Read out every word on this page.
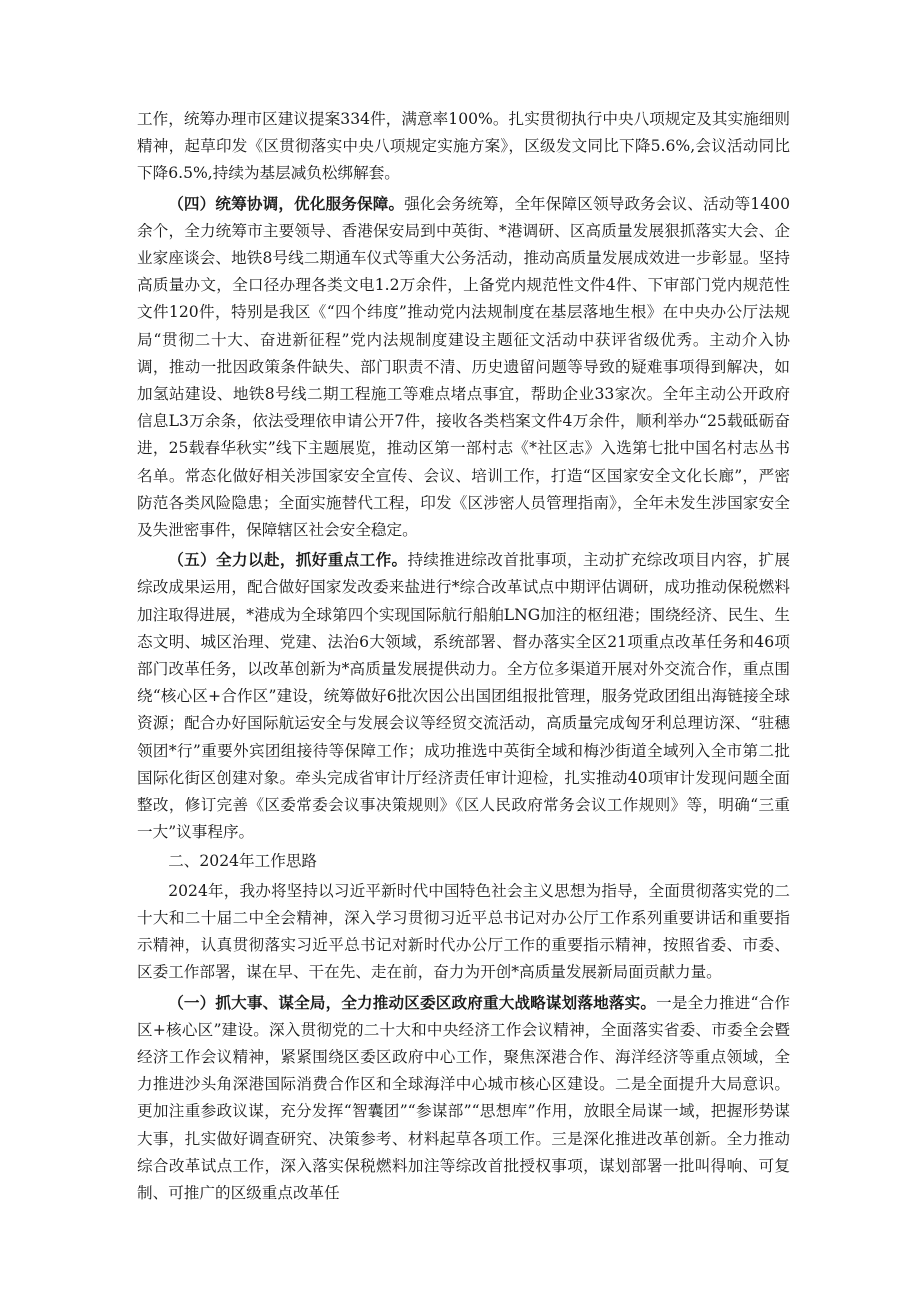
工作，统筹办理市区建议提案334件，满意率100%。扎实贯彻执行中央八项规定及其实施细则精神，起草印发《区贯彻落实中央八项规定实施方案》，区级发文同比下降5.6%,会议活动同比下降6.5%,持续为基层减负松绑解套。

（四）统筹协调，优化服务保障。强化会务统筹，全年保障区领导政务会议、活动等1400余个，全力统筹市主要领导、香港保安局到中英街、*港调研、区高质量发展狠抓落实大会、企业家座谈会、地铁8号线二期通车仪式等重大公务活动，推动高质量发展成效进一步彰显。坚持高质量办文，全口径办理各类文电1.2万余件，上备党内规范性文件4件、下审部门党内规范性文件120件，特别是我区《“四个纬度”推动党内法规制度在基层落地生根》在中央办公厅法规局“贯彻二十大、奋进新征程”党内法规制度建设主题征文活动中获评省级优秀。主动介入协调，推动一批因政策条件缺失、部门职责不清、历史遗留问题等导致的疑难事项得到解决，如加氢站建设、地铁8号线二期工程施工等难点堵点事宜，帮助企业33家次。全年主动公开政府信息L3万余条，依法受理依申请公开7件，接收各类档案文件4万余件，顺利举办“25载砥砺奋进，25载春华秋实”线下主题展览，推动区第一部村志《*社区志》入选第七批中国名村志丛书名单。常态化做好相关涉国家安全宣传、会议、培训工作，打造“区国家安全文化长廊”，严密防范各类风险隐患；全面实施替代工程，印发《区涉密人员管理指南》，全年未发生涉国家安全及失泄密事件，保障辖区社会安全稳定。

（五）全力以赴，抓好重点工作。持续推进综改首批事项，主动扩充综改项目内容，扩展综改成果运用，配合做好国家发改委来盐进行*综合改革试点中期评估调研，成功推动保税燃料加注取得进展，*港成为全球第四个实现国际航行船舶LNG加注的枢纽港；围绕经济、民生、生态文明、城区治理、党建、法治6大领域，系统部署、督办落实全区21项重点改革任务和46项部门改革任务，以改革创新为*高质量发展提供动力。全方位多渠道开展对外交流合作，重点围绕“核心区+合作区”建设，统筹做好6批次因公出国团组报批管理，服务党政团组出海链接全球资源；配合办好国际航运安全与发展会议等经贸交流活动，高质量完成匈牙利总理访深、“驻穗领团*行”重要外宾团组接待等保障工作；成功推选中英街全域和梅沙街道全域列入全市第二批国际化街区创建对象。牵头完成省审计厅经济责任审计迎检，扎实推动40项审计发现问题全面整改，修订完善《区委常委会议事决策规则》《区人民政府常务会议工作规则》等，明确“三重一大”议事程序。

二、2024年工作思路

2024年，我办将坚持以习近平新时代中国特色社会主义思想为指导，全面贯彻落实党的二十大和二十届二中全会精神，深入学习贯彻习近平总书记对办公厅工作系列重要讲话和重要指示精神，认真贯彻落实习近平总书记对新时代办公厅工作的重要指示精神，按照省委、市委、区委工作部署，谋在早、干在先、走在前，奋力为开创*高质量发展新局面贡献力量。

（一）抓大事、谋全局，全力推动区委区政府重大战略谋划落地落实。一是全力推进“合作区+核心区”建设。深入贯彻党的二十大和中央经济工作会议精神，全面落实省委、市委全会暨经济工作会议精神，紧紧围绕区委区政府中心工作，聚焦深港合作、海洋经济等重点领域，全力推进沙头角深港国际消费合作区和全球海洋中心城市核心区建设。二是全面提升大局意识。更加注重参政议谋，充分发挥“智囊团”“参谋部”“思想库”作用，放眼全局谋一域，把握形势谋大事，扎实做好调查研究、决策参考、材料起草各项工作。三是深化推进改革创新。全力推动综合改革试点工作，深入落实保税燃料加注等综改首批授权事项，谋划部署一批叫得响、可复制、可推广的区级重点改革任
